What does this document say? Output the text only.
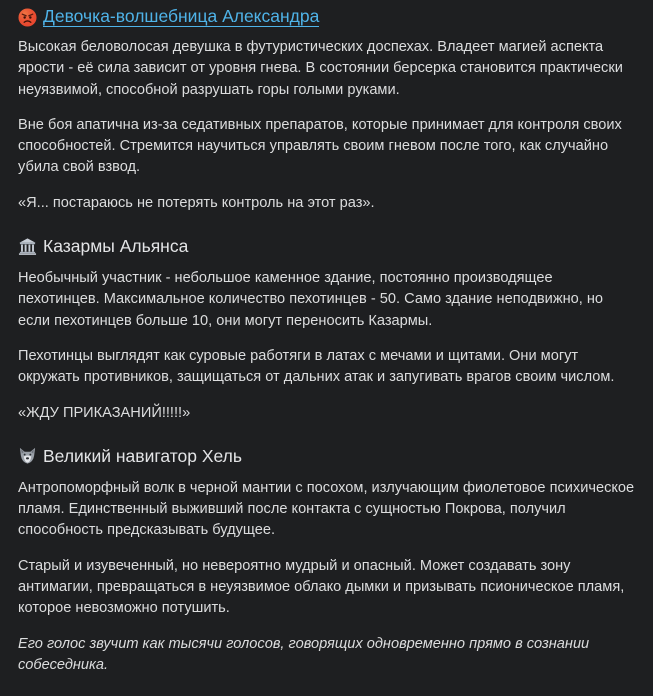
Девочка-волшебница Александра

Высокая беловолосая девушка в футуристических доспехах. Владеет магией аспекта ярости - её сила зависит от уровня гнева. В состоянии берсерка становится практически неуязвимой, способной разрушать горы голыми руками.

Вне боя апатична из-за седативных препаратов, которые принимает для контроля своих способностей. Стремится научиться управлять своим гневом после того, как случайно убила свой взвод.

«Я... постараюсь не потерять контроль на этот раз».

Казармы Альянса

Необычный участник - небольшое каменное здание, постоянно производящее пехотинцев. Максимальное количество пехотинцев - 50. Само здание неподвижно, но если пехотинцев больше 10, они могут переносить Казармы.

Пехотинцы выглядят как суровые работяги в латах с мечами и щитами. Они могут окружать противников, защищаться от дальних атак и запугивать врагов своим числом.

«ЖДУ ПРИКАЗАНИЙ!!!!!»

Великий навигатор Хель

Антропоморфный волк в черной мантии с посохом, излучающим фиолетовое психическое пламя. Единственный выживший после контакта с сущностью Покрова, получил способность предсказывать будущее.

Старый и изувеченный, но невероятно мудрый и опасный. Может создавать зону антимагии, превращаться в неуязвимое облако дымки и призывать псионическое пламя, которое невозможно потушить.

Его голос звучит как тысячи голосов, говорящих одновременно прямо в сознании собеседника.
